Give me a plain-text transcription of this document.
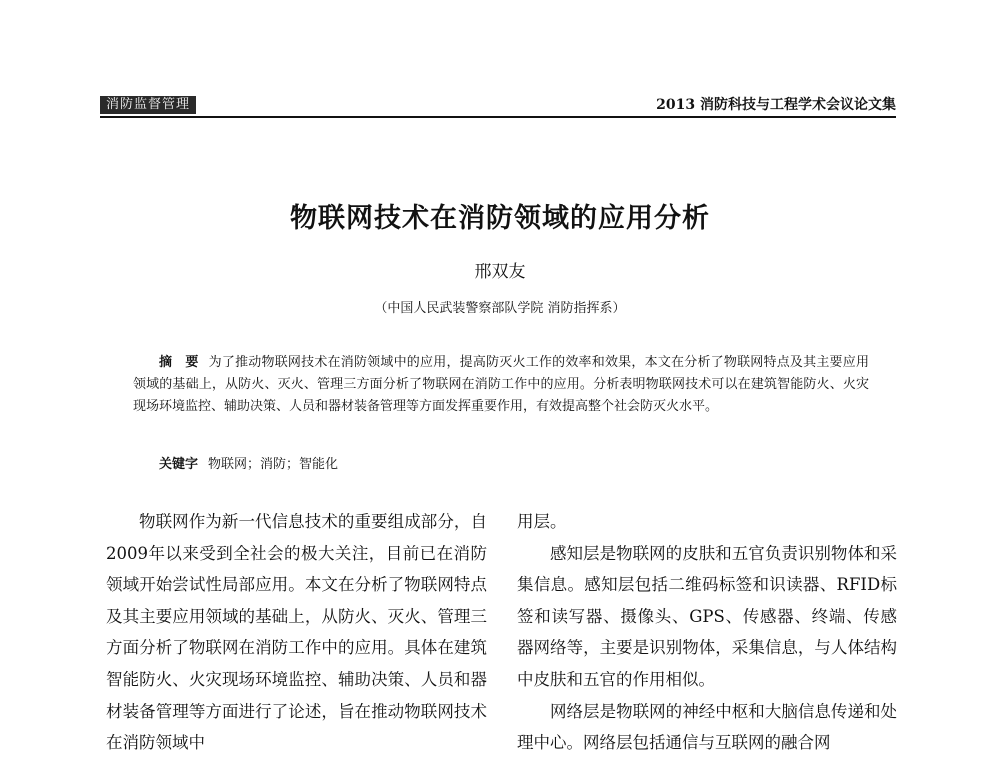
消防监督管理	2013 消防科技与工程学术会议论文集
物联网技术在消防领域的应用分析
邢双友
（中国人民武装警察部队学院 消防指挥系）
摘　要 为了推动物联网技术在消防领域中的应用，提高防灭火工作的效率和效果，本文在分析了物联网特点及其主要应用领域的基础上，从防火、灭火、管理三方面分析了物联网在消防工作中的应用。分析表明物联网技术可以在建筑智能防火、火灾现场环境监控、辅助决策、人员和器材装备管理等方面发挥重要作用，有效提高整个社会防灭火水平。
关键字 物联网；消防；智能化

物联网作为新一代信息技术的重要组成部分，自2009年以来受到全社会的极大关注，目前已在消防领域开始尝试性局部应用。本文在分析了物联网特点及其主要应用领域的基础上，从防火、灭火、管理三方面分析了物联网在消防工作中的应用。具体在建筑智能防火、火灾现场环境监控、辅助决策、人员和器材装备管理等方面进行了论述，旨在推动物联网技术在消防领域中

用层。

感知层是物联网的皮肤和五官负责识别物体和采集信息。感知层包括二维码标签和识读器、RFID标签和读写器、摄像头、GPS、传感器、终端、传感器网络等，主要是识别物体，采集信息，与人体结构中皮肤和五官的作用相似。

网络层是物联网的神经中枢和大脑信息传递和处理中心。网络层包括通信与互联网的融合网
